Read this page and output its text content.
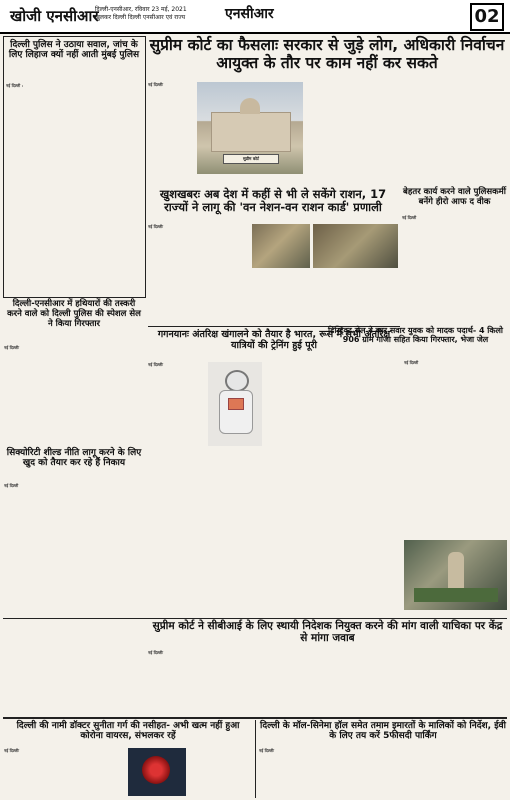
खोजी एनसीआर
दिल्ली-एनसीआर, रविवार 23 मई, 2021
खुलकर दिल्ली दिल्ली एनसीआर एवं राज्य	एनसीआर	02
दिल्ली पुलिस ने उठाया सवाल, जांच के लिए लिहाज क्यों नहीं आती मुंबई पुलिस
नई दिल्ली :
दिल्ली-एनसीआर में हथियारों की तस्करी करने वाले को दिल्ली पुलिस की स्पेशल सेल ने किया गिरफ्तार
नई दिल्लीः
सिक्योरिटी शील्ड नीति लागू करने के लिए खुद को तैयार कर रहे हैं निकाय
नई दिल्ली
सुप्रीम कोर्ट का फैसलाः सरकार से जुड़े लोग, अधिकारी निर्वाचन आयुक्त के तौर पर काम नहीं कर सकते
नई दिल्लीः
सुप्रीम कोर्ट
खुशखबरः अब देश में कहीं से भी ले सकेंगे राशन, 17 राज्यों ने लागू की 'वन नेशन-वन राशन कार्ड' प्रणाली
नई दिल्लीः
बेहतर कार्य करने वाले पुलिसकर्मी बनेंगे हीरो आफ द वीक
नई दिल्ली
गगनयानः अंतरिक्ष खंगालने को तैयार है भारत, रूस में सभी अंतरिक्ष यात्रियों की ट्रेनिंग हुई पूरी
नई दिल्लीः
डिस्ट्रिक्ट सेल ने कार सवार युवक को मादक पदार्थ- 4 किलो 906 ग्राम गांजा सहित किया गिरफ्तार, भेजा जेल
नई दिल्ली
सुप्रीम कोर्ट ने सीबीआई के लिए स्थायी निदेशक नियुक्त करने की मांग वाली याचिका पर केंद्र से मांगा जवाब
नई दिल्लीः
दिल्ली की नामी डॉक्टर सुनीता गर्ग की नसीहत- अभी खत्म नहीं हुआ कोरोना वायरस, संभलकर रहें
नई दिल्लीः
दिल्ली के मॉल-सिनेमा हॉल समेत तमाम इमारतों के मालिकों को निर्देश, ईवी के लिए तय करें 5फीसदी पार्किंग
नई दिल्लीः
